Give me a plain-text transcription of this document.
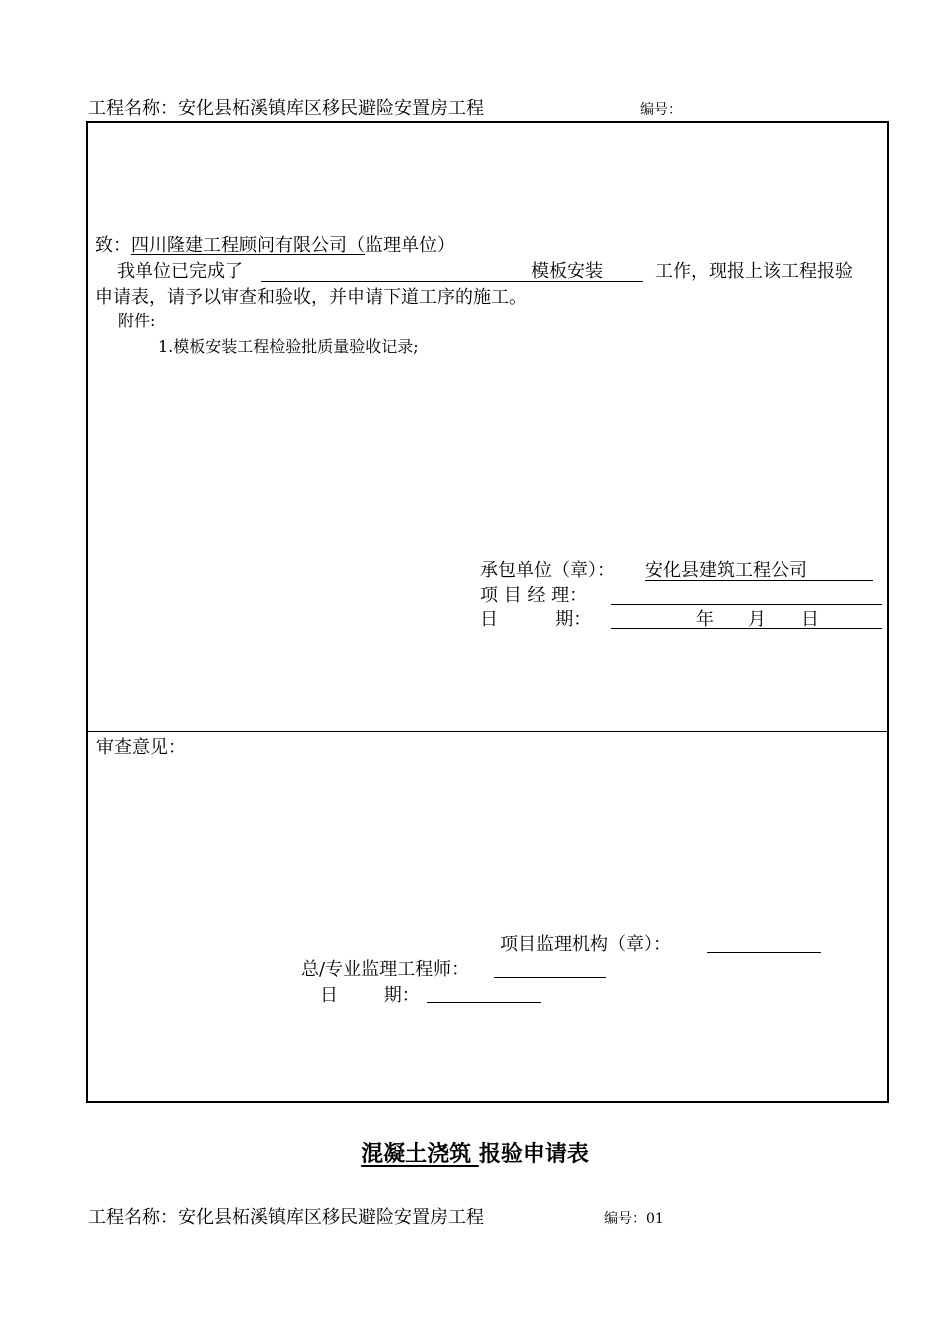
工程名称：安化县柘溪镇库区移民避险安置房工程	编号：
致：四川隆建工程顾问有限公司（监理单位）
我单位已完成了	模板安装	工作，现报上该工程报验
申请表，请予以审查和验收，并申请下道工序的施工。
附件:
1.模板安装工程检验批质量验收记录;
承包单位（章）： 安化县建筑工程公司
项 目 经 理：
日          期：	年 月 日
审查意见：
项目监理机构（章）：
总/专业监理工程师：
日        期：
混凝土浇筑 报验申请表
工程名称：安化县柘溪镇库区移民避险安置房工程	编号：01
